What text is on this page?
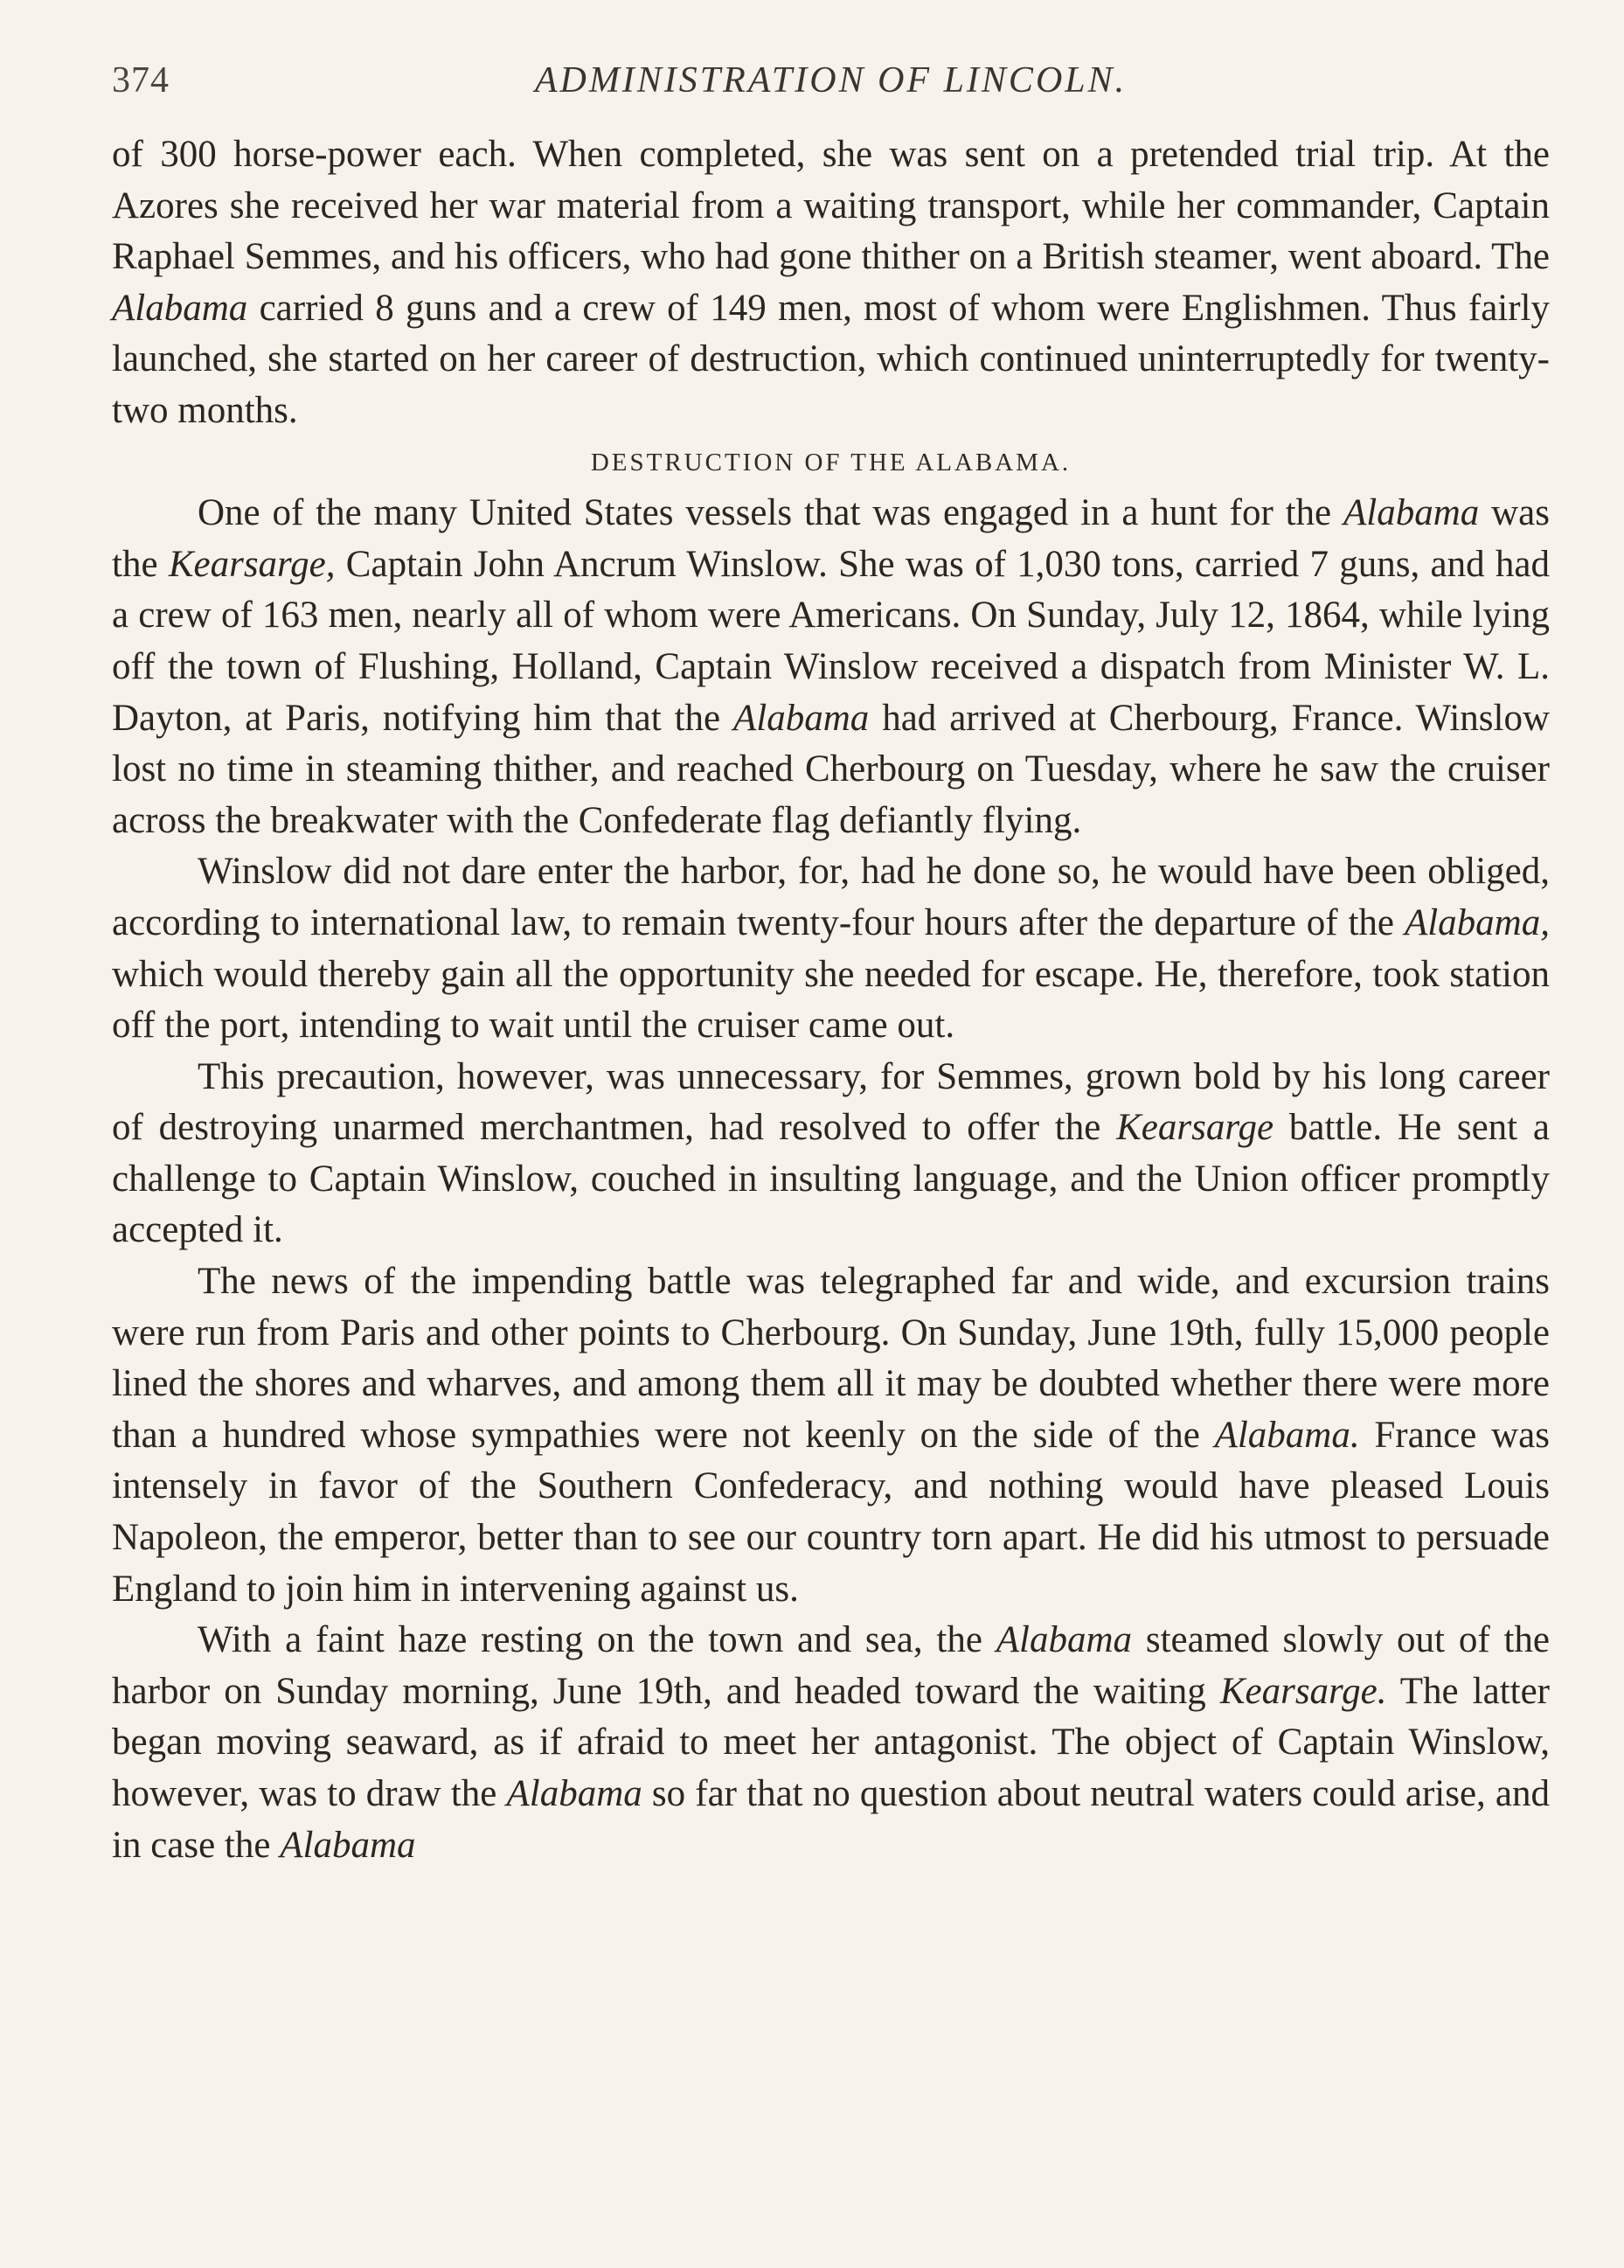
374	ADMINISTRATION OF LINCOLN.

of 300 horse-power each. When completed, she was sent on a pretended trial trip. At the Azores she received her war material from a waiting transport, while her commander, Captain Raphael Semmes, and his officers, who had gone thither on a British steamer, went aboard. The Alabama carried 8 guns and a crew of 149 men, most of whom were Englishmen. Thus fairly launched, she started on her career of destruction, which continued uninterruptedly for twenty-two months.

DESTRUCTION OF THE ALABAMA.

One of the many United States vessels that was engaged in a hunt for the Alabama was the Kearsarge, Captain John Ancrum Winslow. She was of 1,030 tons, carried 7 guns, and had a crew of 163 men, nearly all of whom were Americans. On Sunday, July 12, 1864, while lying off the town of Flushing, Holland, Captain Winslow received a dispatch from Minister W. L. Dayton, at Paris, notifying him that the Alabama had arrived at Cherbourg, France. Winslow lost no time in steaming thither, and reached Cherbourg on Tuesday, where he saw the cruiser across the breakwater with the Confederate flag defiantly flying.

Winslow did not dare enter the harbor, for, had he done so, he would have been obliged, according to international law, to remain twenty-four hours after the departure of the Alabama, which would thereby gain all the opportunity she needed for escape. He, therefore, took station off the port, intending to wait until the cruiser came out.

This precaution, however, was unnecessary, for Semmes, grown bold by his long career of destroying unarmed merchantmen, had resolved to offer the Kearsarge battle. He sent a challenge to Captain Winslow, couched in insulting language, and the Union officer promptly accepted it.

The news of the impending battle was telegraphed far and wide, and excursion trains were run from Paris and other points to Cherbourg. On Sunday, June 19th, fully 15,000 people lined the shores and wharves, and among them all it may be doubted whether there were more than a hundred whose sympathies were not keenly on the side of the Alabama. France was intensely in favor of the Southern Confederacy, and nothing would have pleased Louis Napoleon, the emperor, better than to see our country torn apart. He did his utmost to persuade England to join him in intervening against us.

With a faint haze resting on the town and sea, the Alabama steamed slowly out of the harbor on Sunday morning, June 19th, and headed toward the waiting Kearsarge. The latter began moving seaward, as if afraid to meet her antagonist. The object of Captain Winslow, however, was to draw the Alabama so far that no question about neutral waters could arise, and in case the Alabama
